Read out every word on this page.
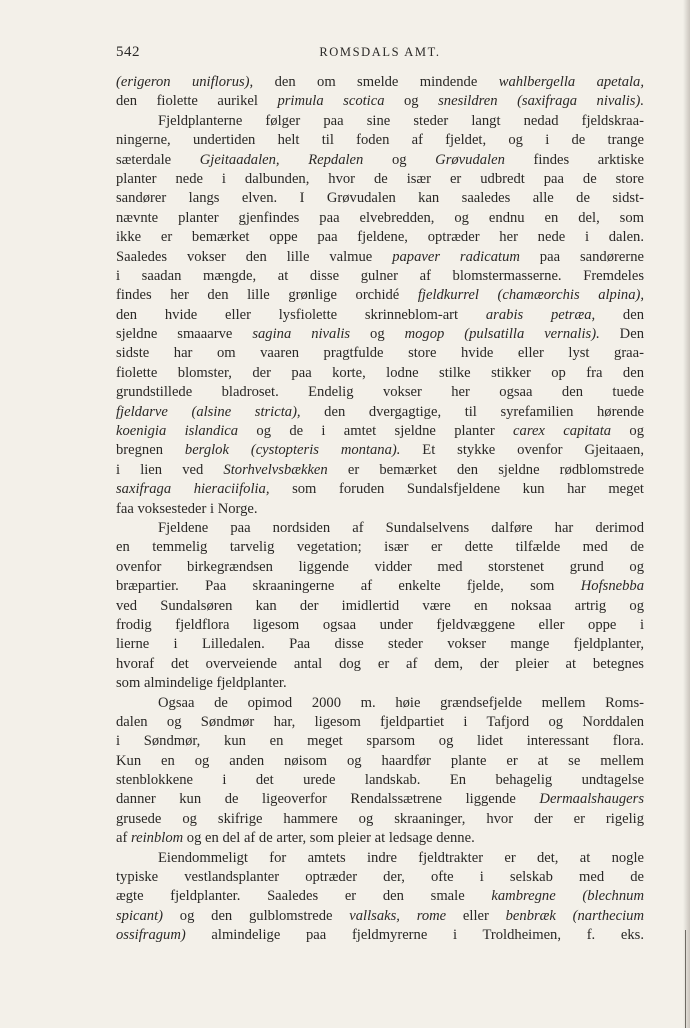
542	ROMSDALS AMT.
(erigeron uniflorus), den om smelde mindende wahlbergella apetala,
den fiolette aurikel primula scotica og snesildren (saxifraga nivalis).
Fjeldplanterne følger paa sine steder langt nedad fjeldskraa-
ningerne, undertiden helt til foden af fjeldet, og i de trange
sæterdale Gjeitaadalen, Repdalen og Grøvudalen findes arktiske
planter nede i dalbunden, hvor de især er udbredt paa de store
sandører langs elven. I Grøvudalen kan saaledes alle de sidst-
nævnte planter gjenfindes paa elvebredden, og endnu en del, som
ikke er bemærket oppe paa fjeldene, optræder her nede i dalen.
Saaledes vokser den lille valmue papaver radicatum paa sandørerne
i saadan mængde, at disse gulner af blomstermasserne. Fremdeles
findes her den lille grønlige orchidé fjeldkurrel (chamæorchis alpina),
den hvide eller lysfiolette skrinneblom-art arabis petræa, den
sjeldne smaaarve sagina nivalis og mogop (pulsatilla vernalis). Den
sidste har om vaaren pragtfulde store hvide eller lyst graa-
fiolette blomster, der paa korte, lodne stilke stikker op fra den
grundstillede bladroset. Endelig vokser her ogsaa den tuede
fjeldarve (alsine stricta), den dvergagtige, til syrefamilien hørende
koenigia islandica og de i amtet sjeldne planter carex capitata og
bregnen berglok (cystopteris montana). Et stykke ovenfor Gjeitaaen,
i lien ved Storhvelvsbækken er bemærket den sjeldne rødblomstrede
saxifraga hieraciifolia, som foruden Sundalsfjeldene kun har meget
faa voksesteder i Norge.
Fjeldene paa nordsiden af Sundalselvens dalføre har derimod
en temmelig tarvelig vegetation; især er dette tilfælde med de
ovenfor birkegrændsen liggende vidder med storstenet grund og
bræpartier. Paa skraaningerne af enkelte fjelde, som Hofsnebba
ved Sundalsøren kan der imidlertid være en noksaa artrig og
frodig fjeldflora ligesom ogsaa under fjeldvæggene eller oppe i
lierne i Lilledalen. Paa disse steder vokser mange fjeldplanter,
hvoraf det overveiende antal dog er af dem, der pleier at betegnes
som almindelige fjeldplanter.
Ogsaa de opimod 2000 m. høie grændsefjelde mellem Roms-
dalen og Søndmør har, ligesom fjeldpartiet i Tafjord og Norddalen
i Søndmør, kun en meget sparsom og lidet interessant flora.
Kun en og anden nøisom og haardfør plante er at se mellem
stenblokkene i det urede landskab. En behagelig undtagelse
danner kun de ligeoverfor Rendalssætrene liggende Dermaalshaugers
grusede og skifrige hammere og skraaninger, hvor der er rigelig
af reinblom og en del af de arter, som pleier at ledsage denne.
Eiendommeligt for amtets indre fjeldtrakter er det, at nogle
typiske vestlandsplanter optræder der, ofte i selskab med de
ægte fjeldplanter. Saaledes er den smale kambregne (blechnum
spicant) og den gulblomstrede vallsaks, rome eller benbræk (narthecium
ossifragum) almindelige paa fjeldmyrerne i Troldheimen, f. eks.
